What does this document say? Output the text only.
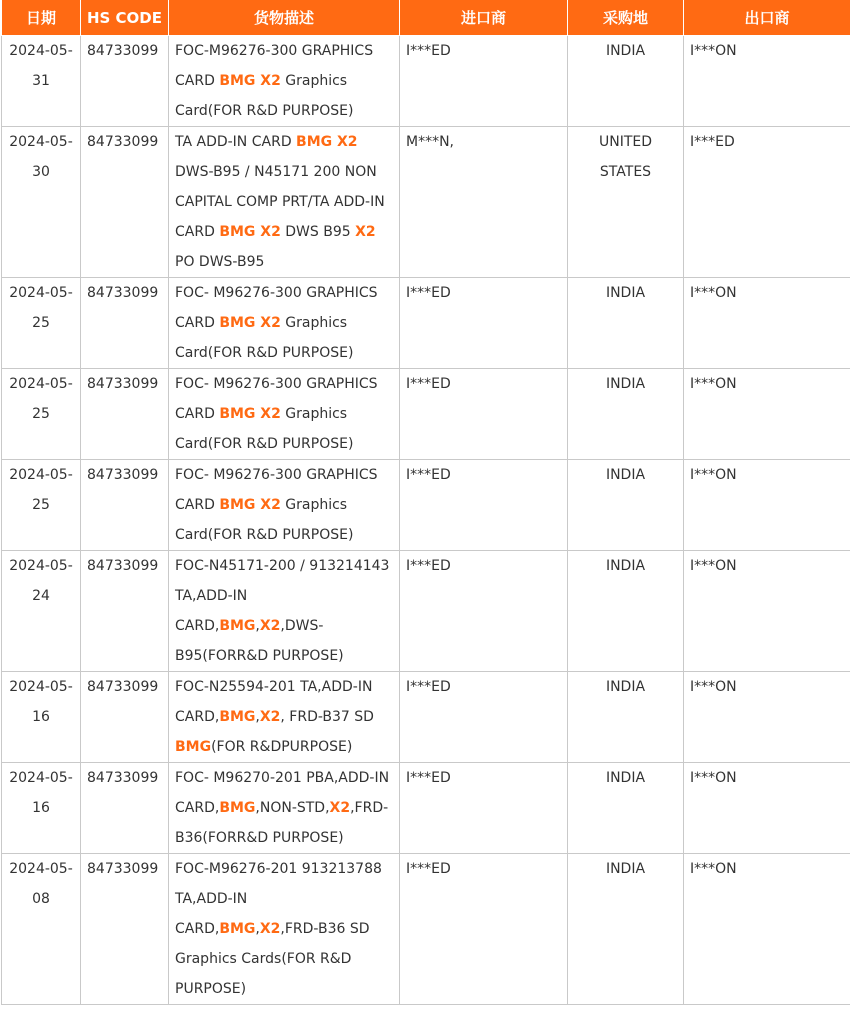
日期	HS CODE	货物描述	进口商	采购地	出口商
2024-05-31	84733099	FOC-M96276-300 GRAPHICS CARD BMG X2 Graphics Card(FOR R&D PURPOSE)	I***ED	INDIA	I***ON
2024-05-30	84733099	TA ADD-IN CARD BMG X2 DWS-B95 / N45171 200 NON CAPITAL COMP PRT/TA ADD-IN CARD BMG X2 DWS B95 X2 PO DWS-B95	M***N,	UNITED STATES	I***ED
2024-05-25	84733099	FOC- M96276-300 GRAPHICS CARD BMG X2 Graphics Card(FOR R&D PURPOSE)	I***ED	INDIA	I***ON
2024-05-25	84733099	FOC- M96276-300 GRAPHICS CARD BMG X2 Graphics Card(FOR R&D PURPOSE)	I***ED	INDIA	I***ON
2024-05-25	84733099	FOC- M96276-300 GRAPHICS CARD BMG X2 Graphics Card(FOR R&D PURPOSE)	I***ED	INDIA	I***ON
2024-05-24	84733099	FOC-N45171-200 / 913214143 TA,ADD-IN CARD,BMG,X2,DWS-B95(FORR&D PURPOSE)	I***ED	INDIA	I***ON
2024-05-16	84733099	FOC-N25594-201 TA,ADD-IN CARD,BMG,X2, FRD-B37 SD BMG(FOR R&DPURPOSE)	I***ED	INDIA	I***ON
2024-05-16	84733099	FOC- M96270-201 PBA,ADD-IN CARD,BMG,NON-STD,X2,FRD-B36(FORR&D PURPOSE)	I***ED	INDIA	I***ON
2024-05-08	84733099	FOC-M96276-201 913213788 TA,ADD-IN CARD,BMG,X2,FRD-B36 SD Graphics Cards(FOR R&D PURPOSE)	I***ED	INDIA	I***ON
